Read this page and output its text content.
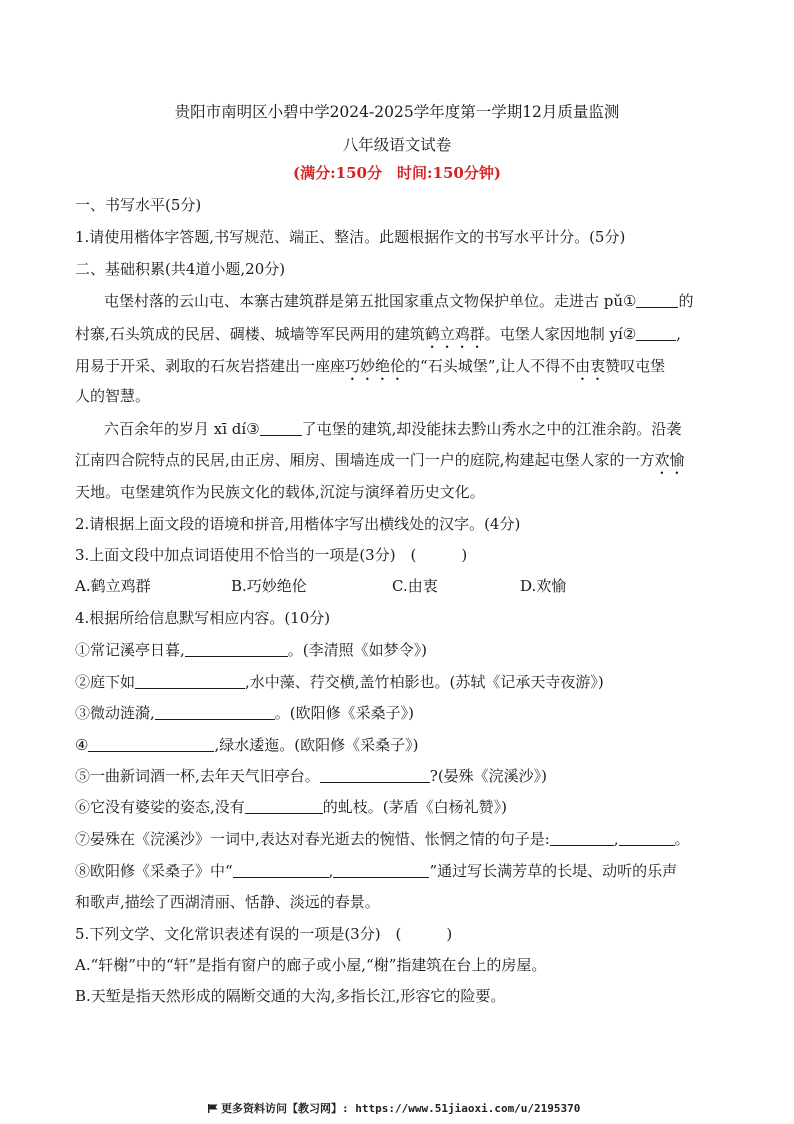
贵阳市南明区小碧中学2024-2025学年度第一学期12月质量监测
八年级语文试卷
(满分:150分　时间:150分钟)
一、书写水平(5分)
1.请使用楷体字答题,书写规范、端正、整洁。此题根据作文的书写水平计分。(5分)
二、基础积累(共4道小题,20分)
屯堡村落的云山屯、本寨古建筑群是第五批国家重点文物保护单位。走进古 pǔ①	的
村寨,石头筑成的民居、碉楼、城墙等军民两用的建筑鹤立鸡群。屯堡人家因地制 yí②	,
用易于开采、剥取的石灰岩搭建出一座座巧妙绝伦的“石头城堡”,让人不得不由衷赞叹屯堡
人的智慧。
六百余年的岁月 xī dí③	了屯堡的建筑,却没能抹去黔山秀水之中的江淮余韵。沿袭
江南四合院特点的民居,由正房、厢房、围墙连成一门一户的庭院,构建起屯堡人家的一方欢愉
天地。屯堡建筑作为民族文化的载体,沉淀与演绎着历史文化。
2.请根据上面文段的语境和拼音,用楷体字写出横线处的汉字。(4分)
3.上面文段中加点词语使用不恰当的一项是(3分)　(　　　)
A.鹤立鸡群	B.巧妙绝伦	C.由衷	D.欢愉
4.根据所给信息默写相应内容。(10分)
①常记溪亭日暮,	。(李清照《如梦令》)
②庭下如	,水中藻、荇交横,盖竹柏影也。(苏轼《记承天寺夜游》)
③微动涟漪,	。(欧阳修《采桑子》)
④	,绿水逶迤。(欧阳修《采桑子》)
⑤一曲新词酒一杯,去年天气旧亭台。	?(晏殊《浣溪沙》)
⑥它没有婆娑的姿态,没有	的虬枝。(茅盾《白杨礼赞》)
⑦晏殊在《浣溪沙》一词中,表达对春光逝去的惋惜、怅惘之情的句子是:	,	。
⑧欧阳修《采桑子》中“	,	”通过写长满芳草的长堤、动听的乐声
和歌声,描绘了西湖清丽、恬静、淡远的春景。
5.下列文学、文化常识表述有误的一项是(3分)　(　　　)
A.“轩榭”中的“轩”是指有窗户的廊子或小屋,“榭”指建筑在台上的房屋。
B.天堑是指天然形成的隔断交通的大沟,多指长江,形容它的险要。
更多资料访问【教习网】: https://www.51jiaoxi.com/u/2195370
